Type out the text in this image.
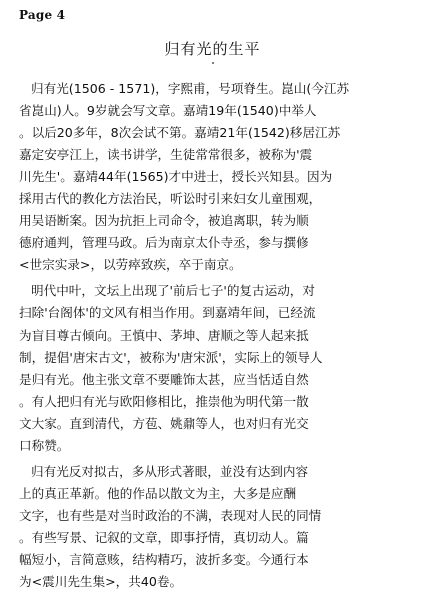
Page 4
归有光的生平
归有光(1506 - 1571)，字熙甫，号项脊生。崑山(今江苏
省崑山)人。9岁就会写文章。嘉靖19年(1540)中举人
。以后20多年，8次会试不第。嘉靖21年(1542)移居江苏
嘉定安亭江上，读书讲学，生徒常常很多，被称为'震
川先生'。嘉靖44年(1565)才中进士，授长兴知县。因为
採用古代的教化方法治民，听讼时引来妇女儿童围观，
用吴语断案。因为抗拒上司命令，被追离职，转为顺
德府通判，管理马政。后为南京太仆寺丞，参与撰修
<世宗实录>，以劳瘁致疾，卒于南京。
明代中叶，文坛上出现了'前后七子'的复古运动，对
扫除'台阁体'的文风有相当作用。到嘉靖年间，已经流
为盲目尊古倾向。王慎中、茅坤、唐顺之等人起来抵
制，提倡'唐宋古文'，被称为'唐宋派'，实际上的领导人
是归有光。他主张文章不要雕饰太甚，应当恬适自然
。有人把归有光与欧阳修相比，推崇他为明代第一散
文大家。直到清代，方苞、姚鼐等人，也对归有光交
口称赞。
归有光反对拟古，多从形式著眼，並没有达到内容
上的真正革新。他的作品以散文为主，大多是应酬
文字，也有些是对当时政治的不满，表现对人民的同情
。有些写景、记叙的文章，即事抒情，真切动人。篇
幅短小，言简意赅，结构精巧，波折多变。今通行本
为<震川先生集>，共40卷。
